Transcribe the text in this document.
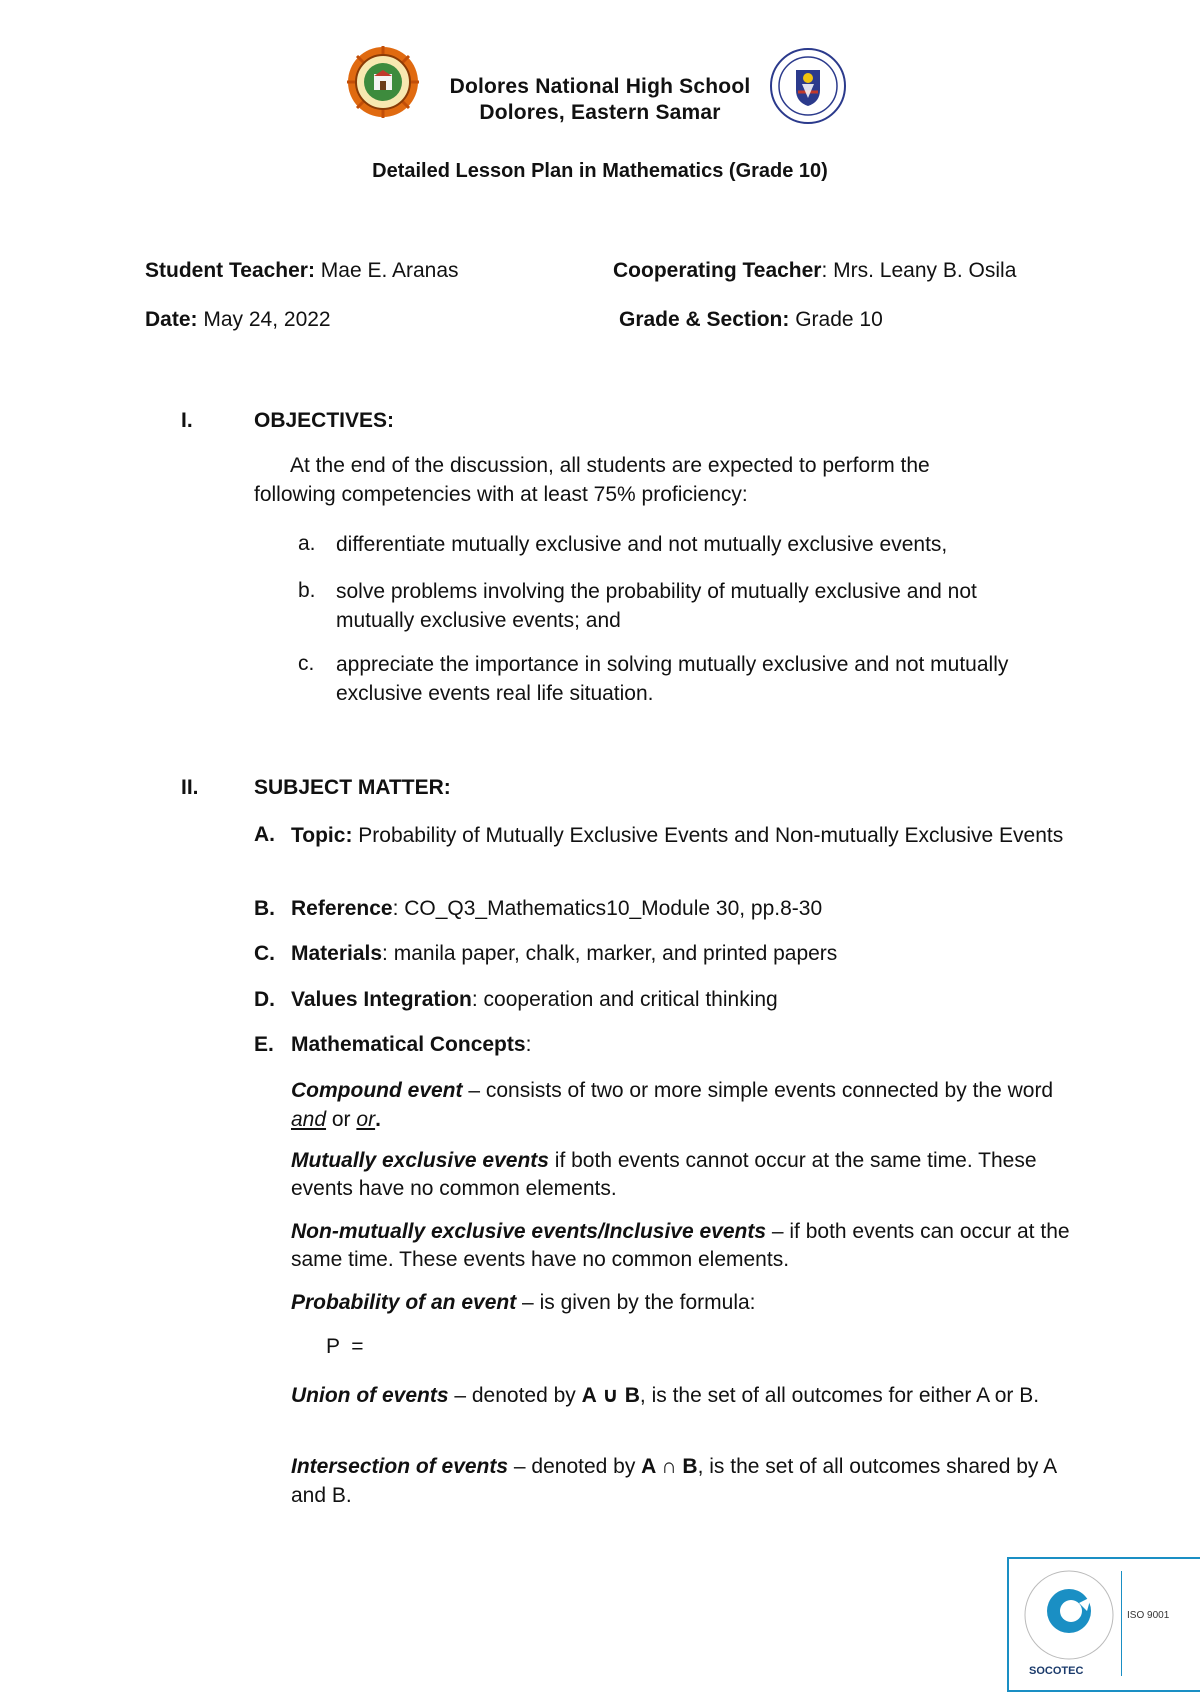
Dolores National High School
Dolores, Eastern Samar
Detailed Lesson Plan in Mathematics (Grade 10)
Student Teacher: Mae E. Aranas	Cooperating Teacher: Mrs. Leany B. Osila
Date: May 24, 2022	Grade & Section: Grade 10
I.	OBJECTIVES:
At the end of the discussion, all students are expected to perform the following competencies with at least 75% proficiency:
a. differentiate mutually exclusive and not mutually exclusive events,
b. solve problems involving the probability of mutually exclusive and not mutually exclusive events; and
c.	appreciate the importance in solving mutually exclusive and not mutually exclusive events real life situation.
II.	SUBJECT MATTER:
A. Topic: Probability of Mutually Exclusive Events and Non-mutually Exclusive Events
B. Reference: CO_Q3_Mathematics10_Module 30, pp.8-30
C. Materials: manila paper, chalk, marker, and printed papers
D. Values Integration: cooperation and critical thinking
E. Mathematical Concepts:
Compound event – consists of two or more simple events connected by the word and or or.
Mutually exclusive events if both events cannot occur at the same time. These events have no common elements.
Non-mutually exclusive events/Inclusive events – if both events can occur at the same time. These events have no common elements.
Probability of an event – is given by the formula:
P  =
Union of events – denoted by A ∪ B, is the set of all outcomes for either A or B.
Intersection of events – denoted by A ∩ B, is the set of all outcomes shared by A and B.
SOCOTEC
ISO 9001
